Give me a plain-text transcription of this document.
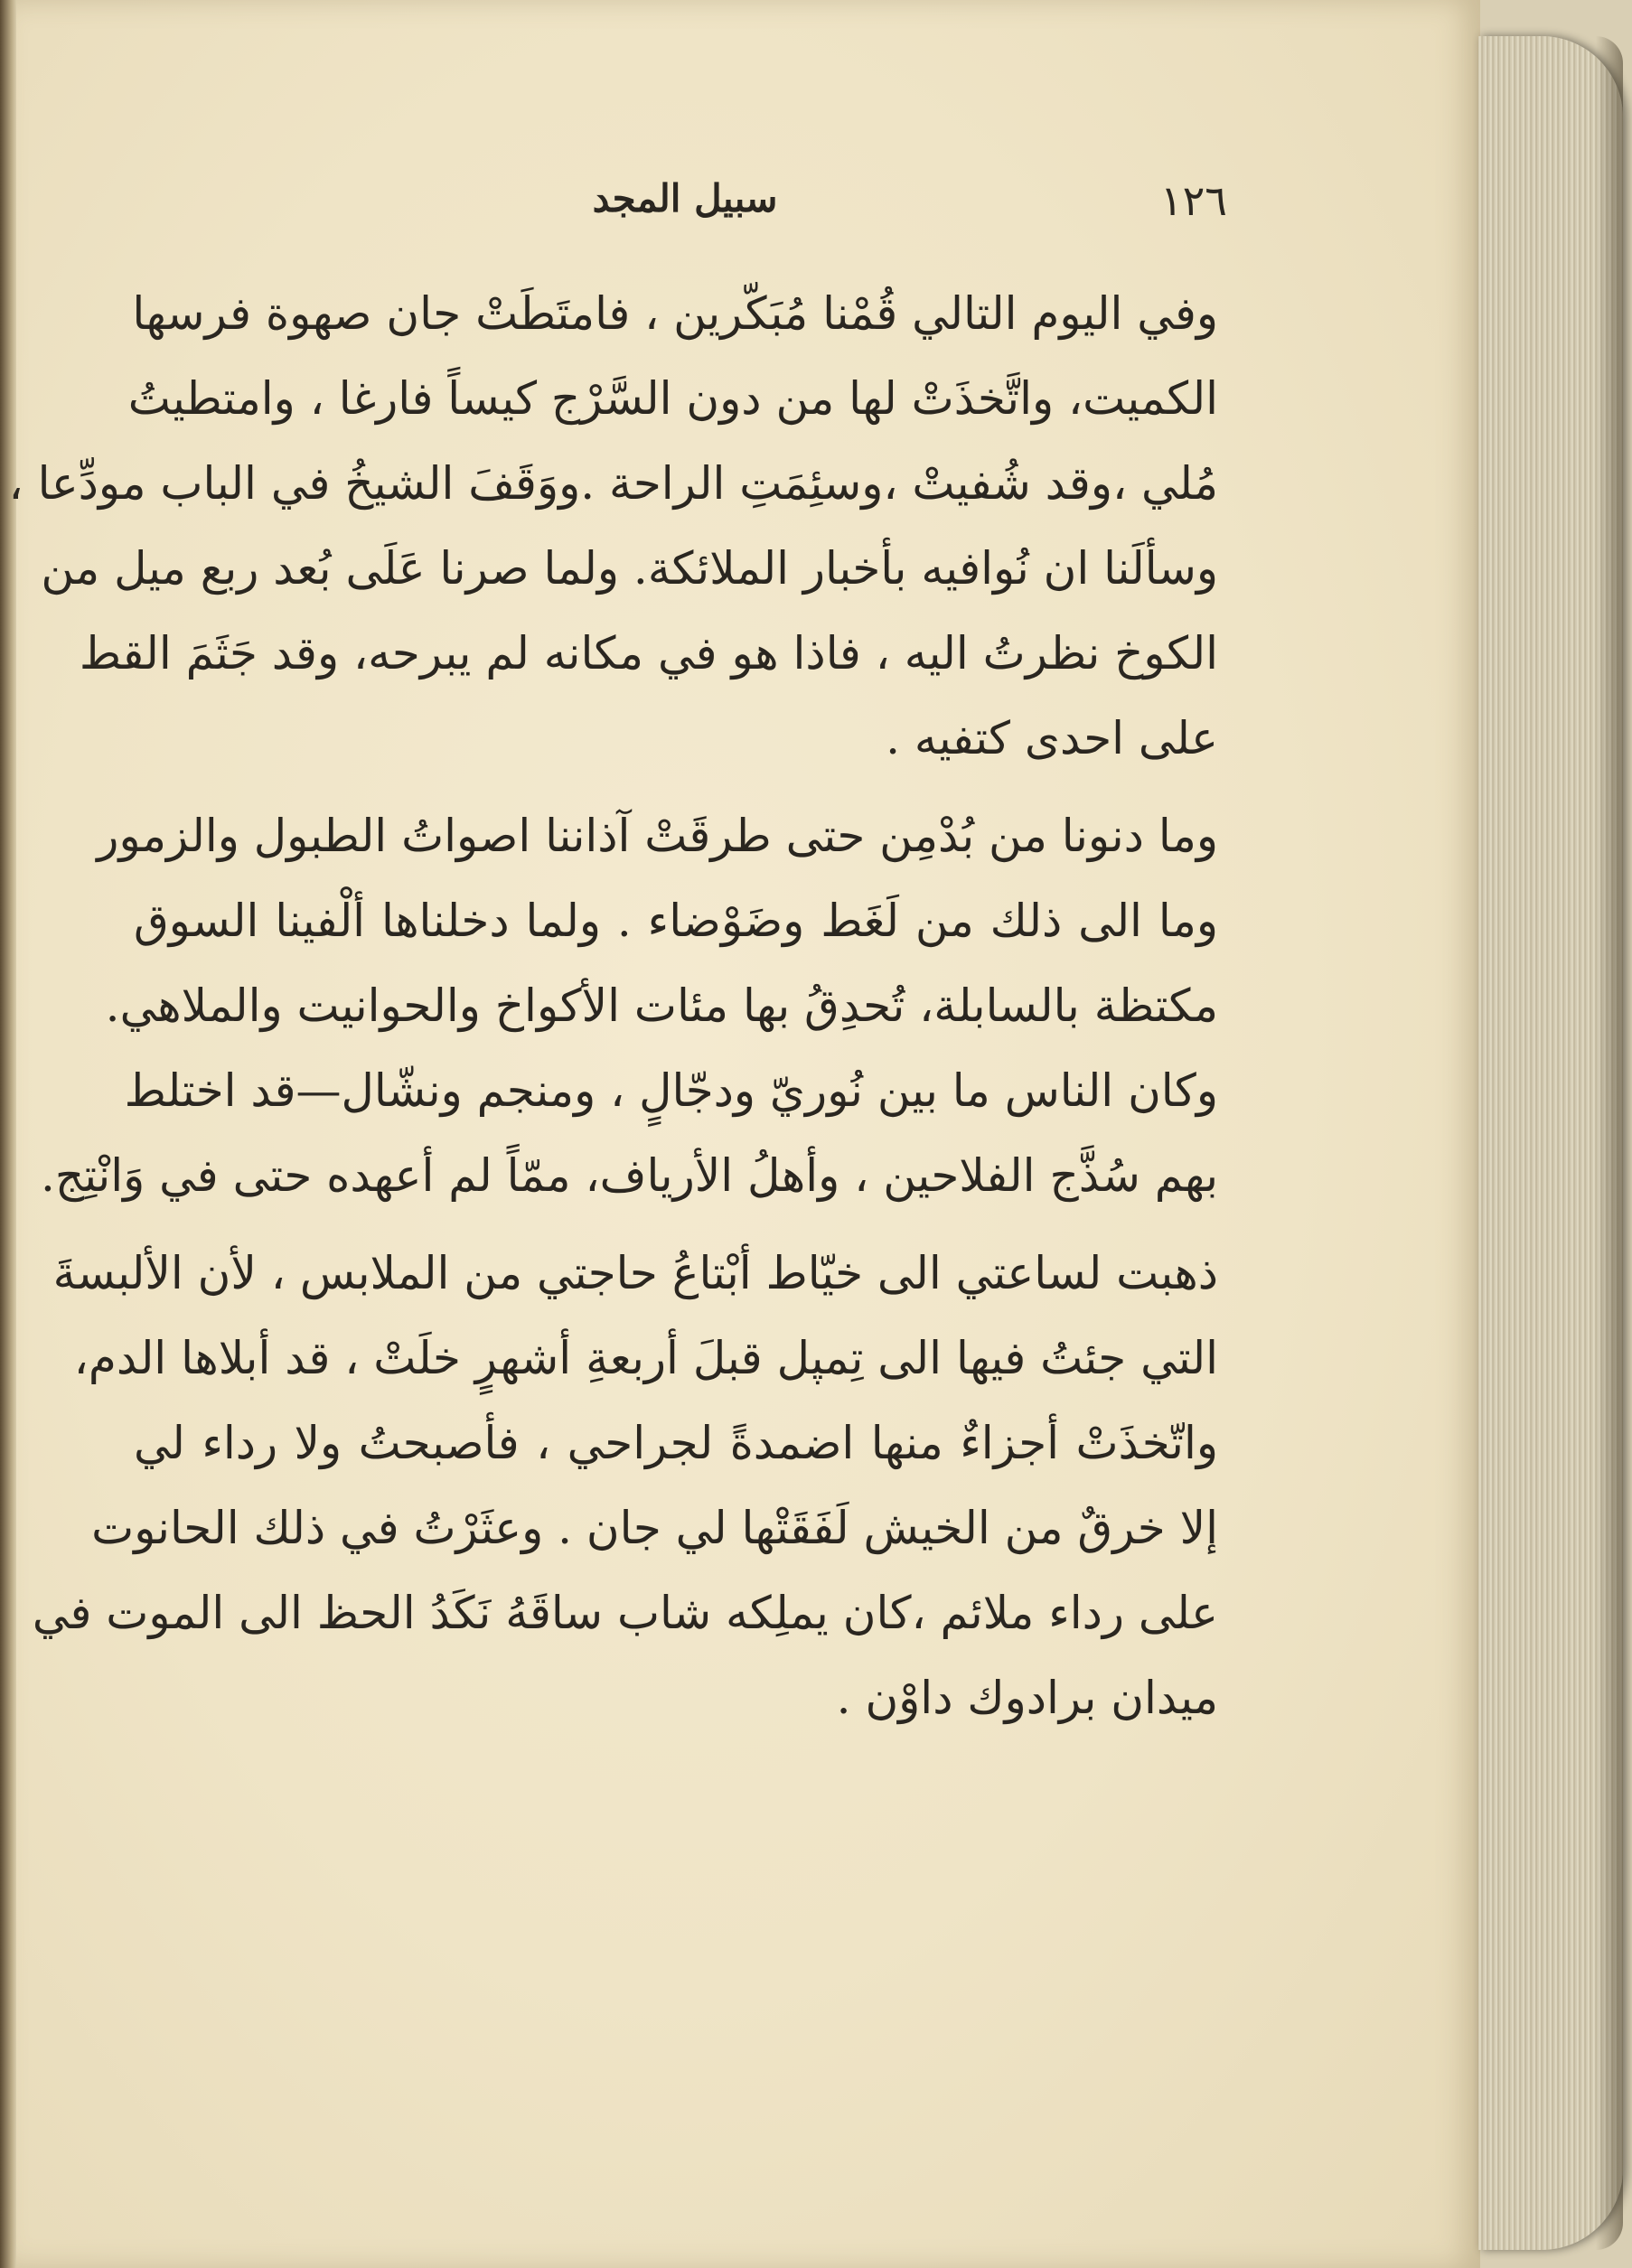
١٢٦
سبيل المجد
وفي اليوم التالي قُمْنا مُبَكّرين ، فامتَطَتْ جان صهوة فرسها
الكميت، واتَّخذَتْ لها من دون السَّرْج كيساً فارغا ، وامتطيتُ
مُلي ،وقد شُفيتْ ،وسئِمَتِ الراحة .ووَقَفَ الشيخُ في الباب مودِّعا ،
وسألَنا ان نُوافيه بأخبار الملائكة. ولما صرنا عَلَى بُعد ربع ميل من
الكوخ نظرتُ اليه ، فاذا هو في مكانه لم يبرحه، وقد جَثَمَ القط
على احدى كتفيه .
وما دنونا من بُدْمِن حتى طرقَتْ آذاننا اصواتُ الطبول والزمور
وما الى ذلك من لَغَط وضَوْضاء . ولما دخلناها ألْفينا السوق
مكتظة بالسابلة، تُحدِقُ بها مئات الأكواخ والحوانيت والملاهي.
وكان الناس ما بين نُوريّ ودجّالٍ ، ومنجم ونشّال—قد اختلط
بهم سُذَّج الفلاحين ، وأهلُ الأرياف، ممّاً لم أعهده حتى في وَانْتِج.
ذهبت لساعتي الى خيّاط أبْتاعُ حاجتي من الملابس ، لأن الألبسةَ
التي جئتُ فيها الى تِمپل قبلَ أربعةِ أشهرٍ خلَتْ ، قد أبلاها الدم،
واتّخذَتْ أجزاءٌ منها اضمدةً لجراحي ، فأصبحتُ ولا رداء لي
إلا خرقٌ من الخيش لَفَقَتْها لي جان . وعثَرْتُ في ذلك الحانوت
على رداء ملائم ،كان يملِكه شاب ساقَهُ نَكَدُ الحظ الى الموت في
ميدان برادوك داوْن .
